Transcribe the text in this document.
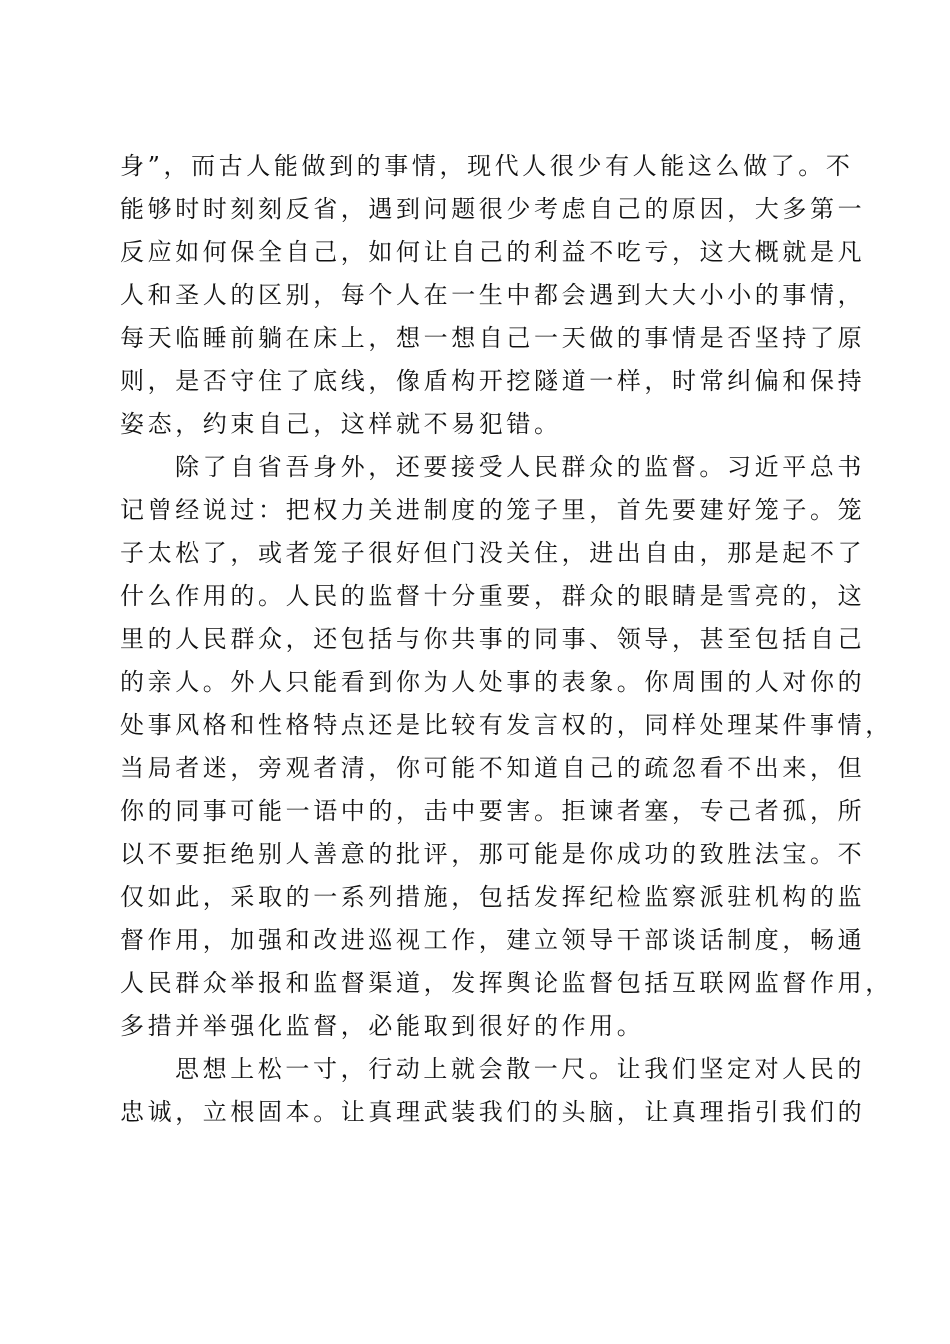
身”，而古人能做到的事情，现代人很少有人能这么做了。不
能够时时刻刻反省，遇到问题很少考虑自己的原因，大多第一
反应如何保全自己，如何让自己的利益不吃亏，这大概就是凡
人和圣人的区别，每个人在一生中都会遇到大大小小的事情，
每天临睡前躺在床上，想一想自己一天做的事情是否坚持了原
则，是否守住了底线，像盾构开挖隧道一样，时常纠偏和保持
姿态，约束自己，这样就不易犯错。
除了自省吾身外，还要接受人民群众的监督。习近平总书
记曾经说过：把权力关进制度的笼子里，首先要建好笼子。笼
子太松了，或者笼子很好但门没关住，进出自由，那是起不了
什么作用的。人民的监督十分重要，群众的眼睛是雪亮的，这
里的人民群众，还包括与你共事的同事、领导，甚至包括自己
的亲人。外人只能看到你为人处事的表象。你周围的人对你的
处事风格和性格特点还是比较有发言权的，同样处理某件事情，
当局者迷，旁观者清，你可能不知道自己的疏忽看不出来，但
你的同事可能一语中的，击中要害。拒谏者塞，专己者孤，所
以不要拒绝别人善意的批评，那可能是你成功的致胜法宝。不
仅如此，采取的一系列措施，包括发挥纪检监察派驻机构的监
督作用，加强和改进巡视工作，建立领导干部谈话制度，畅通
人民群众举报和监督渠道，发挥舆论监督包括互联网监督作用，
多措并举强化监督，必能取到很好的作用。
思想上松一寸，行动上就会散一尺。让我们坚定对人民的
忠诚，立根固本。让真理武装我们的头脑，让真理指引我们的
